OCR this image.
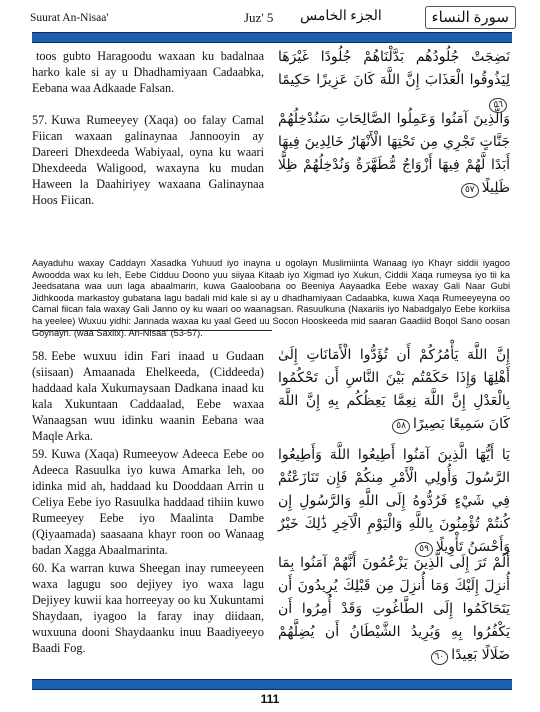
Suurat An-Nisaa'	Juz' 5 الجزء الخامس	سورة النساء

toos gubto Haragoodu waxaan ku badalnaa harko kale si ay u Dhadhamiyaan Cadaabka, Eebana waa Adkaade Falsan.

نَضِجَتْ جُلُودُهُم بَدَّلْنَاهُمْ جُلُودًا غَيْرَهَا لِيَذُوقُوا الْعَذَابَ إِنَّ اللَّهَ كَانَ عَزِيزًا حَكِيمًا٥٦

57. Kuwa Rumeeyey (Xaqa) oo falay Camal Fiican waxaan galinaynaa Jannooyin ay Dareeri Dhexdeeda Wabiyaal, oyna ku waari Dhexdeeda Waligood, waxayna ku mudan Haween la Daahiriyey waxaana Galinaynaa Hoos Fiican.

وَالَّذِينَ آمَنُوا وَعَمِلُوا الصَّالِحَاتِ سَنُدْخِلُهُمْ جَنَّاتٍ تَجْرِي مِن تَحْتِهَا الْأَنْهَارُ خَالِدِينَ فِيهَا أَبَدًا لَّهُمْ فِيهَا أَزْوَاجٌ مُّطَهَّرَةٌ وَنُدْخِلُهُمْ ظِلًّا ظَلِيلًا٥٧

Aayaduhu waxay Caddayn Xasadka Yuhuud iyo inayna u ogolayn Muslimiinta Wanaag iyo Khayr siddii iyagoo Awoodda wax ku leh, Eebe Cidduu Doono yuu siiyaa Kitaab iyo Xigmad iyo Xukun, Ciddii Xaqa rumeysa iyo tii ka Jeedsatana waa uun laga abaalmarin, kuwa Gaaloobana oo Beeniya Aayaadka Eebe waxay Gali Naar Gubi Jidhkooda markastoy gubatana lagu badali mid kale si ay u dhadhamiyaan Cadaabka, kuwa Xaqa Rumeeyeyna oo Camal fiican fala waxay Gali Janno oy ku waari oo waanagsan. Rasuulkuna (Naxariis iyo Nabadgalyo Eebe korkiisa ha yeelee) Wuxuu yidhi: Jannada waxaa ku yaal Geed uu Socon Hooskeeda mid saaran Gaadiid Boqol Sano oosan Goynayn. (waa Saxiix). An-Nisaa' (53-57).

58. Eebe wuxuu idin Fari inaad u Gudaan (siisaan) Amaanada Ehelkeeda, (Ciddeeda) haddaad kala Xukumaysaan Dadkana inaad ku kala Xukuntaan Caddaalad, Eebe waxaa Wanaagsan wuu idinku waanin Eebana waa Maqle Arka.

إِنَّ اللَّهَ يَأْمُرُكُمْ أَن تُؤَدُّوا الْأَمَانَاتِ إِلَىٰ أَهْلِهَا وَإِذَا حَكَمْتُم بَيْنَ النَّاسِ أَن تَحْكُمُوا بِالْعَدْلِ إِنَّ اللَّهَ نِعِمَّا يَعِظُكُم بِهِ إِنَّ اللَّهَ كَانَ سَمِيعًا بَصِيرًا٥٨

59. Kuwa (Xaqa) Rumeeyow Adeeca Eebe oo Adeeca Rasuulka iyo kuwa Amarka leh, oo idinka mid ah, haddaad ku Dooddaan Arrin u Celiya Eebe iyo Rasuulka haddaad tihiin kuwo Rumeeyey Eebe iyo Maalinta Dambe (Qiyaamada) saasaana khayr roon oo Wanaag badan Xagga Abaalmarinta.

يَا أَيُّهَا الَّذِينَ آمَنُوا أَطِيعُوا اللَّهَ وَأَطِيعُوا الرَّسُولَ وَأُولِي الْأَمْرِ مِنكُمْ فَإِن تَنَازَعْتُمْ فِي شَيْءٍ فَرُدُّوهُ إِلَى اللَّهِ وَالرَّسُولِ إِن كُنتُمْ تُؤْمِنُونَ بِاللَّهِ وَالْيَوْمِ الْآخِرِ ذَٰلِكَ خَيْرٌ وَأَحْسَنُ تَأْوِيلًا٥٩

60. Ka warran kuwa Sheegan inay rumeeyeen waxa lagugu soo dejiyey iyo waxa lagu Dejiyey kuwii kaa horreeyay oo ku Xukuntami Shaydaan, iyagoo la faray inay diidaan, wuxuuna dooni Shaydaanku inuu Baadiyeeyo Baadi Fog.

أَلَمْ تَرَ إِلَى الَّذِينَ يَزْعُمُونَ أَنَّهُمْ آمَنُوا بِمَا أُنزِلَ إِلَيْكَ وَمَا أُنزِلَ مِن قَبْلِكَ يُرِيدُونَ أَن يَتَحَاكَمُوا إِلَى الطَّاغُوتِ وَقَدْ أُمِرُوا أَن يَكْفُرُوا بِهِ وَيُرِيدُ الشَّيْطَانُ أَن يُضِلَّهُمْ ضَلَالًا بَعِيدًا٦٠

111
